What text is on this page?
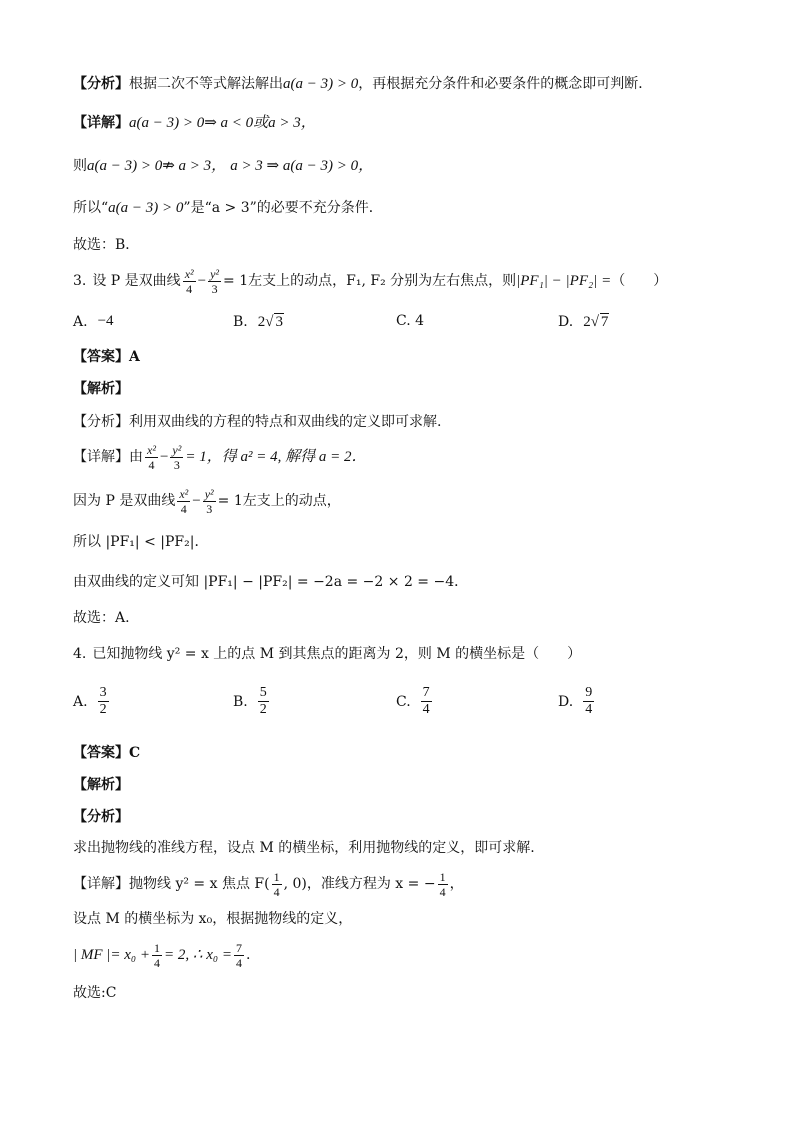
【分析】 根据二次不等式解法解出 a(a − 3) > 0 ，再根据充分条件和必要条件的概念即可判断．
【详解】 a(a − 3) > 0 ⇒ a < 0或a > 3，
则 a(a − 3) > 0 ⇏ a > 3， a > 3 ⇒ a(a − 3) > 0，
所以“ a(a − 3) > 0 ”是“a > 3”的必要不充分条件．
故选：B．
3. 设 P 是双曲线 $\frac{\text{x²}}{4} - \frac{\text{y²}}{3} = 1$左支上的动点， F₁, F₂ 分别为左右焦点，则 |PF₁| − |PF₂| = （　　）
A. −4	B. 2 √ 3	C. 4	D. 2 √ 7
【答案】A
【解析】
【分析】利用双曲线的方程的特点和双曲线的定义即可求解.
【详解】由 $\frac{\text{x²}}{4} - \frac{\text{y²}}{3} = 1$，得 a² = 4, 解得 a = 2．
因为 P 是双曲线 $\frac{\text{x²}}{4} - \frac{\text{y²}}{3} = 1$左支上的动点，
所以 |PF₁| < |PF₂|．
由双曲线的定义可知 |PF₁| − |PF₂| = −2a = −2 × 2 = −4．
故选：A.
4. 已知抛物线 y² = x 上的点 M 到其焦点的距离为 2，则 M 的横坐标是（　　）
A. $\frac{3}{2}$	B. $\frac{5}{2}$	C. $\frac{7}{4}$	D. $\frac{9}{4}$
【答案】C
【解析】
【分析】
求出抛物线的准线方程，设点 M 的横坐标，利用抛物线的定义，即可求解.
【详解】抛物线 y² = x 焦点 $F( \frac{1}{4}$ , 0)，准线方程为 x = − $\frac{1}{4}$ ，
设点 M 的横坐标为 x₀，根据抛物线的定义，
| MF |= $x_0 + \frac{1}{4} = 2$, ∴ $x_0 = \frac{7}{4}$ .
故选:C
